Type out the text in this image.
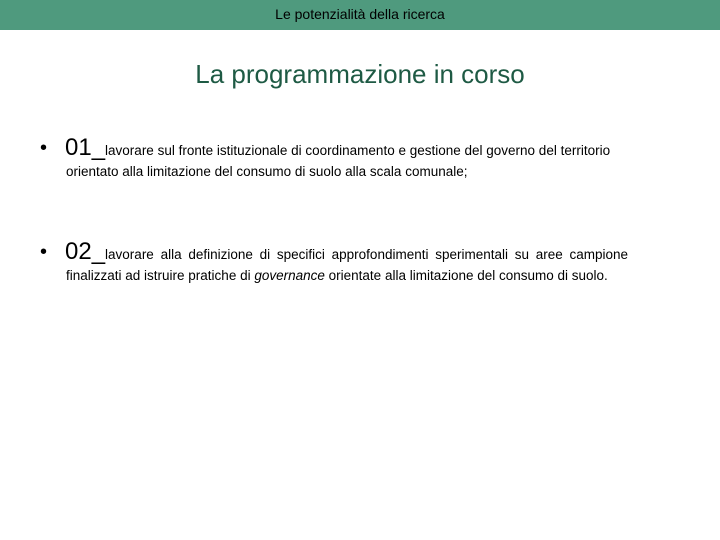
Le potenzialità della ricerca
La programmazione in corso
• 01_lavorare sul fronte istituzionale di coordinamento e gestione del governo del territorio
orientato alla limitazione del consumo di suolo alla scala comunale;
• 02_lavorare alla definizione di specifici approfondimenti sperimentali su aree campione
finalizzati ad istruire pratiche di governance orientate alla limitazione del consumo di suolo.
